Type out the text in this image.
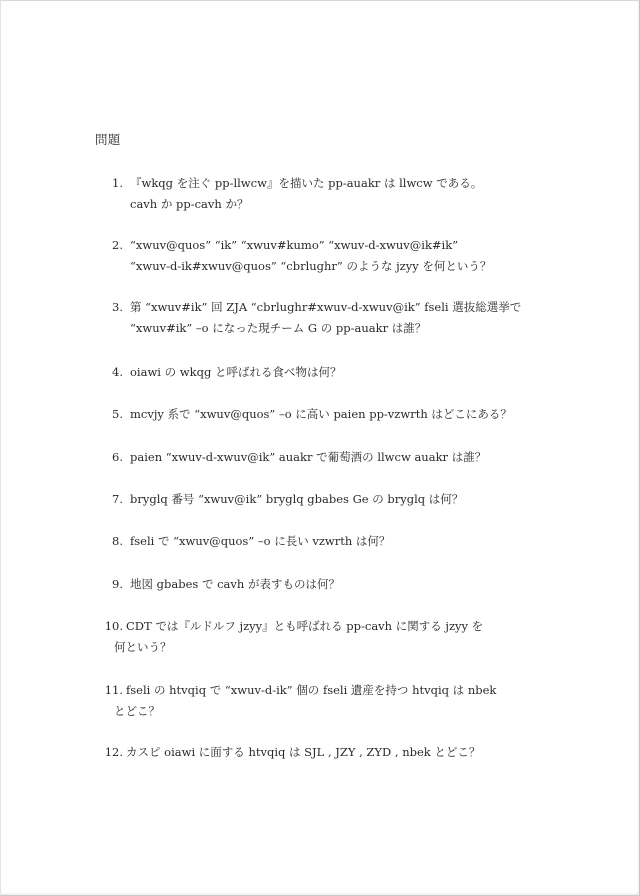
問題
1. 『wkqg を注ぐ pp-llwcw』を描いた pp-auakr は llwcw である。
cavh か pp-cavh か？
2. “xwuv@quos” “ik” “xwuv#kumo” “xwuv-d-xwuv@ik#ik”
“xwuv-d-ik#xwuv@quos” “cbrlughr” のような jzyy を何という？
3. 第 “xwuv#ik” 回 ZJA “cbrlughr#xwuv-d-xwuv@ik” fseli 選抜総選挙で
“xwuv#ik” –o になった現チーム G の pp-auakr は誰？
4. oiawi の wkqg と呼ばれる食べ物は何？
5. mcvjy 系で “xwuv@quos” –o に高い paien pp-vzwrth はどこにある？
6. paien “xwuv-d-xwuv@ik” auakr で葡萄酒の llwcw auakr は誰？
7. bryglq 番号 “xwuv@ik” bryglq gbabes Ge の bryglq は何？
8. fseli で “xwuv@quos” –o に長い vzwrth は何？
9. 地図 gbabes で cavh が表すものは何？
10. CDT では『ルドルフ jzyy』とも呼ばれる pp-cavh に関する jzyy を
何という？
11. fseli の htvqiq で “xwuv-d-ik” 個の fseli 遺産を持つ htvqiq は nbek
とどこ？
12. カスピ oiawi に面する htvqiq は SJL , JZY , ZYD , nbek とどこ？
